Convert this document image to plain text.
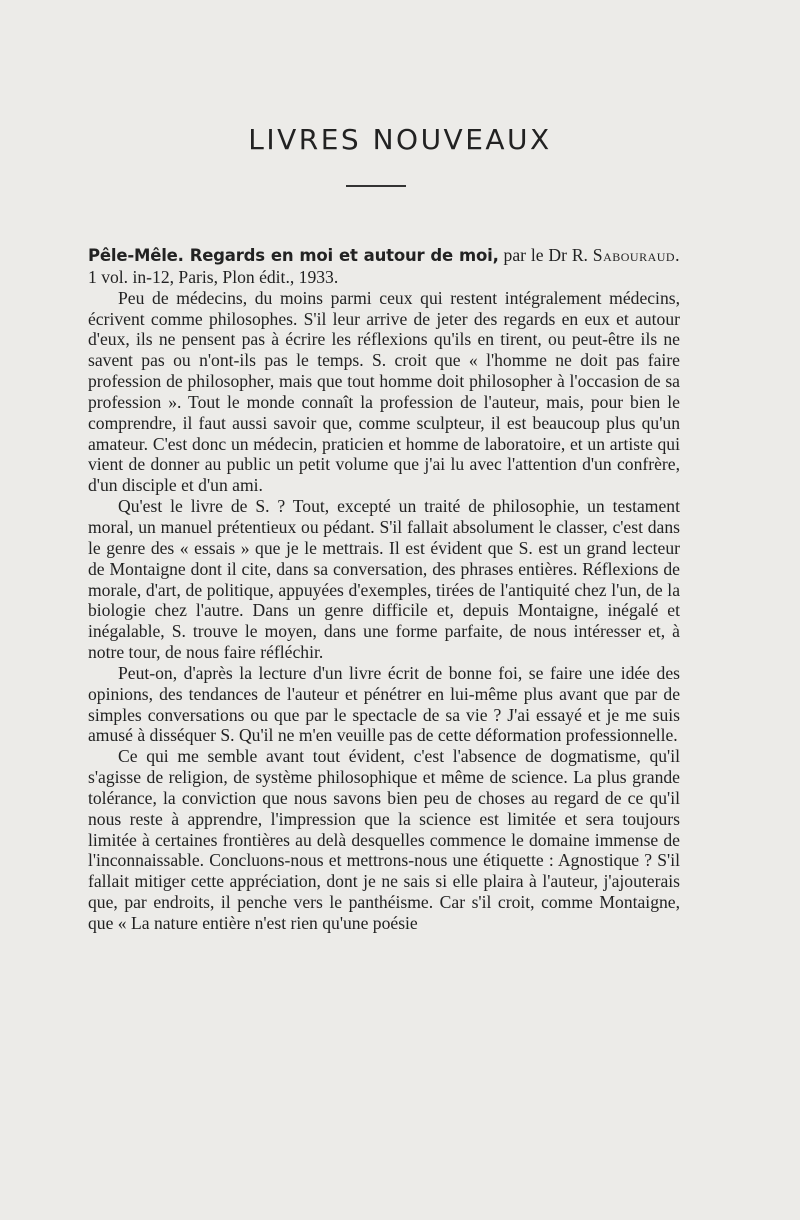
LIVRES NOUVEAUX

Pêle-Mêle. Regards en moi et autour de moi, par le Dr R. Sabouraud. 1 vol. in-12, Paris, Plon édit., 1933.

Peu de médecins, du moins parmi ceux qui restent intégralement médecins, écrivent comme philosophes. S'il leur arrive de jeter des regards en eux et autour d'eux, ils ne pensent pas à écrire les réflexions qu'ils en tirent, ou peut-être ils ne savent pas ou n'ont-ils pas le temps. S. croit que « l'homme ne doit pas faire profession de philosopher, mais que tout homme doit philosopher à l'occasion de sa profession ». Tout le monde connaît la profession de l'auteur, mais, pour bien le comprendre, il faut aussi savoir que, comme sculpteur, il est beaucoup plus qu'un amateur. C'est donc un médecin, praticien et homme de laboratoire, et un artiste qui vient de donner au public un petit volume que j'ai lu avec l'attention d'un confrère, d'un disciple et d'un ami.

Qu'est le livre de S. ? Tout, excepté un traité de philosophie, un testament moral, un manuel prétentieux ou pédant. S'il fallait absolument le classer, c'est dans le genre des « essais » que je le mettrais. Il est évident que S. est un grand lecteur de Montaigne dont il cite, dans sa conversation, des phrases entières. Réflexions de morale, d'art, de politique, appuyées d'exemples, tirées de l'antiquité chez l'un, de la biologie chez l'autre. Dans un genre difficile et, depuis Montaigne, inégalé et inégalable, S. trouve le moyen, dans une forme parfaite, de nous intéresser et, à notre tour, de nous faire réfléchir.

Peut-on, d'après la lecture d'un livre écrit de bonne foi, se faire une idée des opinions, des tendances de l'auteur et pénétrer en lui-même plus avant que par de simples conversations ou que par le spectacle de sa vie ? J'ai essayé et je me suis amusé à disséquer S. Qu'il ne m'en veuille pas de cette déformation professionnelle.

Ce qui me semble avant tout évident, c'est l'absence de dogmatisme, qu'il s'agisse de religion, de système philosophique et même de science. La plus grande tolérance, la conviction que nous savons bien peu de choses au regard de ce qu'il nous reste à apprendre, l'impression que la science est limitée et sera toujours limitée à certaines frontières au delà desquelles commence le domaine immense de l'inconnaissable. Concluons-nous et mettrons-nous une étiquette : Agnostique ? S'il fallait mitiger cette appréciation, dont je ne sais si elle plaira à l'auteur, j'ajouterais que, par endroits, il penche vers le panthéisme. Car s'il croit, comme Montaigne, que « La nature entière n'est rien qu'une poésie
